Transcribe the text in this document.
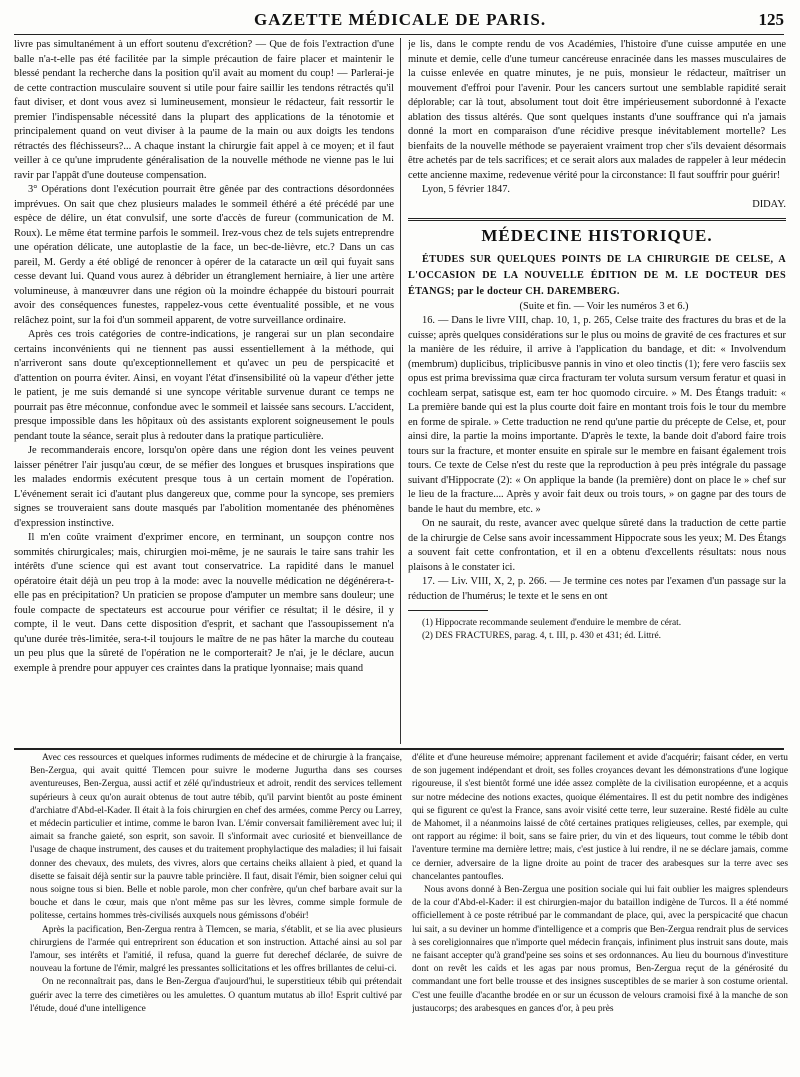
GAZETTE MÉDICALE DE PARIS.	125

livre pas simultanément à un effort soutenu d'excrétion? — Que de fois l'extraction d'une balle n'a-t-elle pas été facilitée par la simple précaution de faire placer et maintenir le blessé pendant la recherche dans la position qu'il avait au moment du coup! — Parlerai-je de cette contraction musculaire souvent si utile pour faire saillir les tendons rétractés qu'il faut diviser, et dont vous avez si lumineusement, monsieur le rédacteur, fait ressortir le premier l'indispensable nécessité dans la plupart des applications de la ténotomie et principalement quand on veut diviser à la paume de la main ou aux doigts les tendons rétractés des fléchisseurs?... A chaque instant la chirurgie fait appel à ce moyen; et il faut veiller à ce qu'une imprudente généralisation de la nouvelle méthode ne vienne pas le lui ravir par l'appât d'une douteuse compensation.

3° Opérations dont l'exécution pourrait être gênée par des contractions désordonnées imprévues. On sait que chez plusieurs malades le sommeil éthéré a été précédé par une espèce de délire, un état convulsif, une sorte d'accès de fureur (communication de M. Roux). Le même état termine parfois le sommeil. Irez-vous chez de tels sujets entreprendre une opération délicate, une autoplastie de la face, un bec-de-lièvre, etc.? Dans un cas pareil, M. Gerdy a été obligé de renoncer à opérer de la cataracte un œil qui fuyait sans cesse devant lui. Quand vous aurez à débrider un étranglement herniaire, à lier une artère volumineuse, à manœuvrer dans une région où la moindre échappée du bistouri pourrait avoir des conséquences funestes, rappelez-vous cette éventualité possible, et ne vous relâchez point, sur la foi d'un sommeil apparent, de votre surveillance ordinaire.

Après ces trois catégories de contre-indications, je rangerai sur un plan secondaire certains inconvénients qui ne tiennent pas aussi essentiellement à la méthode, qui n'arriveront sans doute qu'exceptionnellement et qu'avec un peu de perspicacité et d'attention on pourra éviter. Ainsi, en voyant l'état d'insensibilité où la vapeur d'éther jette le patient, je me suis demandé si une syncope véritable survenue durant ce temps ne pourrait pas être méconnue, confondue avec le sommeil et laissée sans secours. L'accident, presque impossible dans les hôpitaux où des assistants explorent soigneusement le pouls pendant toute la séance, serait plus à redouter dans la pratique particulière.

Je recommanderais encore, lorsqu'on opère dans une région dont les veines peuvent laisser pénétrer l'air jusqu'au cœur, de se méfier des longues et brusques inspirations que les malades endormis exécutent presque tous à un certain moment de l'opération. L'événement serait ici d'autant plus dangereux que, comme pour la syncope, ses premiers signes se trouveraient sans doute masqués par l'abolition momentanée des phénomènes d'expression instinctive.

Il m'en coûte vraiment d'exprimer encore, en terminant, un soupçon contre nos sommités chirurgicales; mais, chirurgien moi-même, je ne saurais le taire sans trahir les intérêts d'une science qui est avant tout conservatrice. La rapidité dans le manuel opératoire était déjà un peu trop à la mode: avec la nouvelle médication ne dégénérera-t-elle pas en précipitation? Un praticien se propose d'amputer un membre sans douleur; une foule compacte de spectateurs est accourue pour vérifier ce résultat; il le désire, il y compte, il le veut. Dans cette disposition d'esprit, et sachant que l'assoupissement n'a qu'une durée très-limitée, sera-t-il toujours le maître de ne pas hâter la marche du couteau un peu plus que la sûreté de l'opération ne le comporterait? Je n'ai, je le déclare, aucun exemple à prendre pour appuyer ces craintes dans la pratique lyonnaise; mais quand

je lis, dans le compte rendu de vos Académies, l'histoire d'une cuisse amputée en une minute et demie, celle d'une tumeur cancéreuse enracinée dans les masses musculaires de la cuisse enlevée en quatre minutes, je ne puis, monsieur le rédacteur, maîtriser un mouvement d'effroi pour l'avenir. Pour les cancers surtout une semblable rapidité serait déplorable; car là tout, absolument tout doit être impérieusement subordonné à l'exacte ablation des tissus altérés. Que sont quelques instants d'une souffrance qui n'a jamais donné la mort en comparaison d'une récidive presque inévitablement mortelle? Les bienfaits de la nouvelle méthode se payeraient vraiment trop cher s'ils devaient désormais être achetés par de tels sacrifices; et ce serait alors aux malades de rappeler à leur médecin cette ancienne maxime, redevenue vérité pour la circonstance: Il faut souffrir pour guérir!

Lyon, 5 février 1847.

DIDAY.

MÉDECINE HISTORIQUE.

ÉTUDES SUR QUELQUES POINTS DE LA CHIRURGIE DE CELSE, A L'OCCASION DE LA NOUVELLE ÉDITION DE M. LE DOCTEUR DES ÉTANGS; par le docteur CH. DAREMBERG.

(Suite et fin. — Voir les numéros 3 et 6.)

16. — Dans le livre VIII, chap. 10, 1, p. 265, Celse traite des fractures du bras et de la cuisse; après quelques considérations sur le plus ou moins de gravité de ces fractures et sur la manière de les réduire, il arrive à l'application du bandage, et dit: « Involvendum (membrum) duplicibus, triplicibusve pannis in vino et oleo tinctis (1); fere vero fasciis sex opus est prima brevissima quæ circa fracturam ter voluta sursum versum feratur et quasi in cochleam serpat, satisque est, eam ter hoc quomodo circuire. » M. Des Étangs traduit: « La première bande qui est la plus courte doit faire en montant trois fois le tour du membre en forme de spirale. » Cette traduction ne rend qu'une partie du précepte de Celse, et, pour ainsi dire, la partie la moins importante. D'après le texte, la bande doit d'abord faire trois tours sur la fracture, et monter ensuite en spirale sur le membre en faisant également trois tours. Ce texte de Celse n'est du reste que la reproduction à peu près intégrale du passage suivant d'Hippocrate (2): « On applique la bande (la première) dont on place le » chef sur le lieu de la fracture.... Après y avoir fait deux ou trois tours, » on gagne par des tours de bande le haut du membre, etc. »

On ne saurait, du reste, avancer avec quelque sûreté dans la traduction de cette partie de la chirurgie de Celse sans avoir incessamment Hippocrate sous les yeux; M. Des Étangs a souvent fait cette confrontation, et il en a obtenu d'excellents résultats: nous nous plaisons à le constater ici.

17. — Liv. VIII, X, 2, p. 266. — Je termine ces notes par l'examen d'un passage sur la réduction de l'humérus; le texte et le sens en ont

(1) Hippocrate recommande seulement d'enduire le membre de cérat.

(2) DES FRACTURES, parag. 4, t. III, p. 430 et 431; éd. Littré.

Avec ces ressources et quelques informes rudiments de médecine et de chirurgie à la française, Ben-Zergua, qui avait quitté Tlemcen pour suivre le moderne Jugurtha dans ses courses aventureuses, Ben-Zergua, aussi actif et zélé qu'industrieux et adroit, rendit des services tellement supérieurs à ceux qu'on aurait obtenus de tout autre tébib, qu'il parvint bientôt au poste éminent d'archiatre d'Abd-el-Kader. Il était à la fois chirurgien en chef des armées, comme Percy ou Larrey, et médecin particulier et intime, comme le baron Ivan. L'émir conversait familièrement avec lui; il aimait sa franche gaieté, son esprit, son savoir. Il s'informait avec curiosité et bienveillance de l'usage de chaque instrument, des causes et du traitement prophylactique des maladies; il lui faisait donner des chevaux, des mulets, des vivres, alors que certains cheiks allaient à pied, et quand la disette se faisait déjà sentir sur la pauvre table princière. Il faut, disait l'émir, bien soigner celui qui nous soigne tous si bien. Belle et noble parole, mon cher confrère, qu'un chef barbare avait sur la bouche et dans le cœur, mais que n'ont même pas sur les lèvres, comme simple formule de politesse, certains hommes très-civilisés auxquels nous gémissons d'obéir!

Après la pacification, Ben-Zergua rentra à Tlemcen, se maria, s'établit, et se lia avec plusieurs chirurgiens de l'armée qui entreprirent son éducation et son instruction. Attaché ainsi au sol par l'amour, ses intérêts et l'amitié, il refusa, quand la guerre fut derechef déclarée, de suivre de nouveau la fortune de l'émir, malgré les pressantes sollicitations et les offres brillantes de celui-ci.

On ne reconnaîtrait pas, dans le Ben-Zergua d'aujourd'hui, le superstitieux tébib qui prétendait guérir avec la terre des cimetières ou les amulettes. O quantum mutatus ab illo! Esprit cultivé par l'étude, doué d'une intelligence

d'élite et d'une heureuse mémoire; apprenant facilement et avide d'acquérir; faisant céder, en vertu de son jugement indépendant et droit, ses folles croyances devant les démonstrations d'une logique rigoureuse, il s'est bientôt formé une idée assez complète de la civilisation européenne, et a acquis sur notre médecine des notions exactes, quoique élémentaires. Il est du petit nombre des indigènes qui se figurent ce qu'est la France, sans avoir visité cette terre, leur suzeraine. Resté fidèle au culte de Mahomet, il a néanmoins laissé de côté certaines pratiques religieuses, celles, par exemple, qui ont rapport au régime: il boit, sans se faire prier, du vin et des liqueurs, tout comme le tébib dont l'aventure termine ma dernière lettre; mais, c'est justice à lui rendre, il ne se déclare jamais, comme ce dernier, adversaire de la ligne droite au point de tracer des arabesques sur la terre avec ses chancelantes pantoufles.

Nous avons donné à Ben-Zergua une position sociale qui lui fait oublier les maigres splendeurs de la cour d'Abd-el-Kader: il est chirurgien-major du bataillon indigène de Turcos. Il a été nommé officiellement à ce poste rétribué par le commandant de place, qui, avec la perspicacité que chacun lui sait, a su deviner un homme d'intelligence et a compris que Ben-Zergua rendrait plus de services à ses coreligionnaires que n'importe quel médecin français, infiniment plus instruit sans doute, mais ne faisant accepter qu'à grand'peine ses soins et ses ordonnances. Au lieu du bournous d'investiture dont on revêt les caïds et les agas par nous promus, Ben-Zergua reçut de la générosité du commandant une fort belle trousse et des insignes susceptibles de se marier à son costume oriental. C'est une feuille d'acanthe brodée en or sur un écusson de velours cramoisi fixé à la manche de son justaucorps; des arabesques en gances d'or, à peu près
